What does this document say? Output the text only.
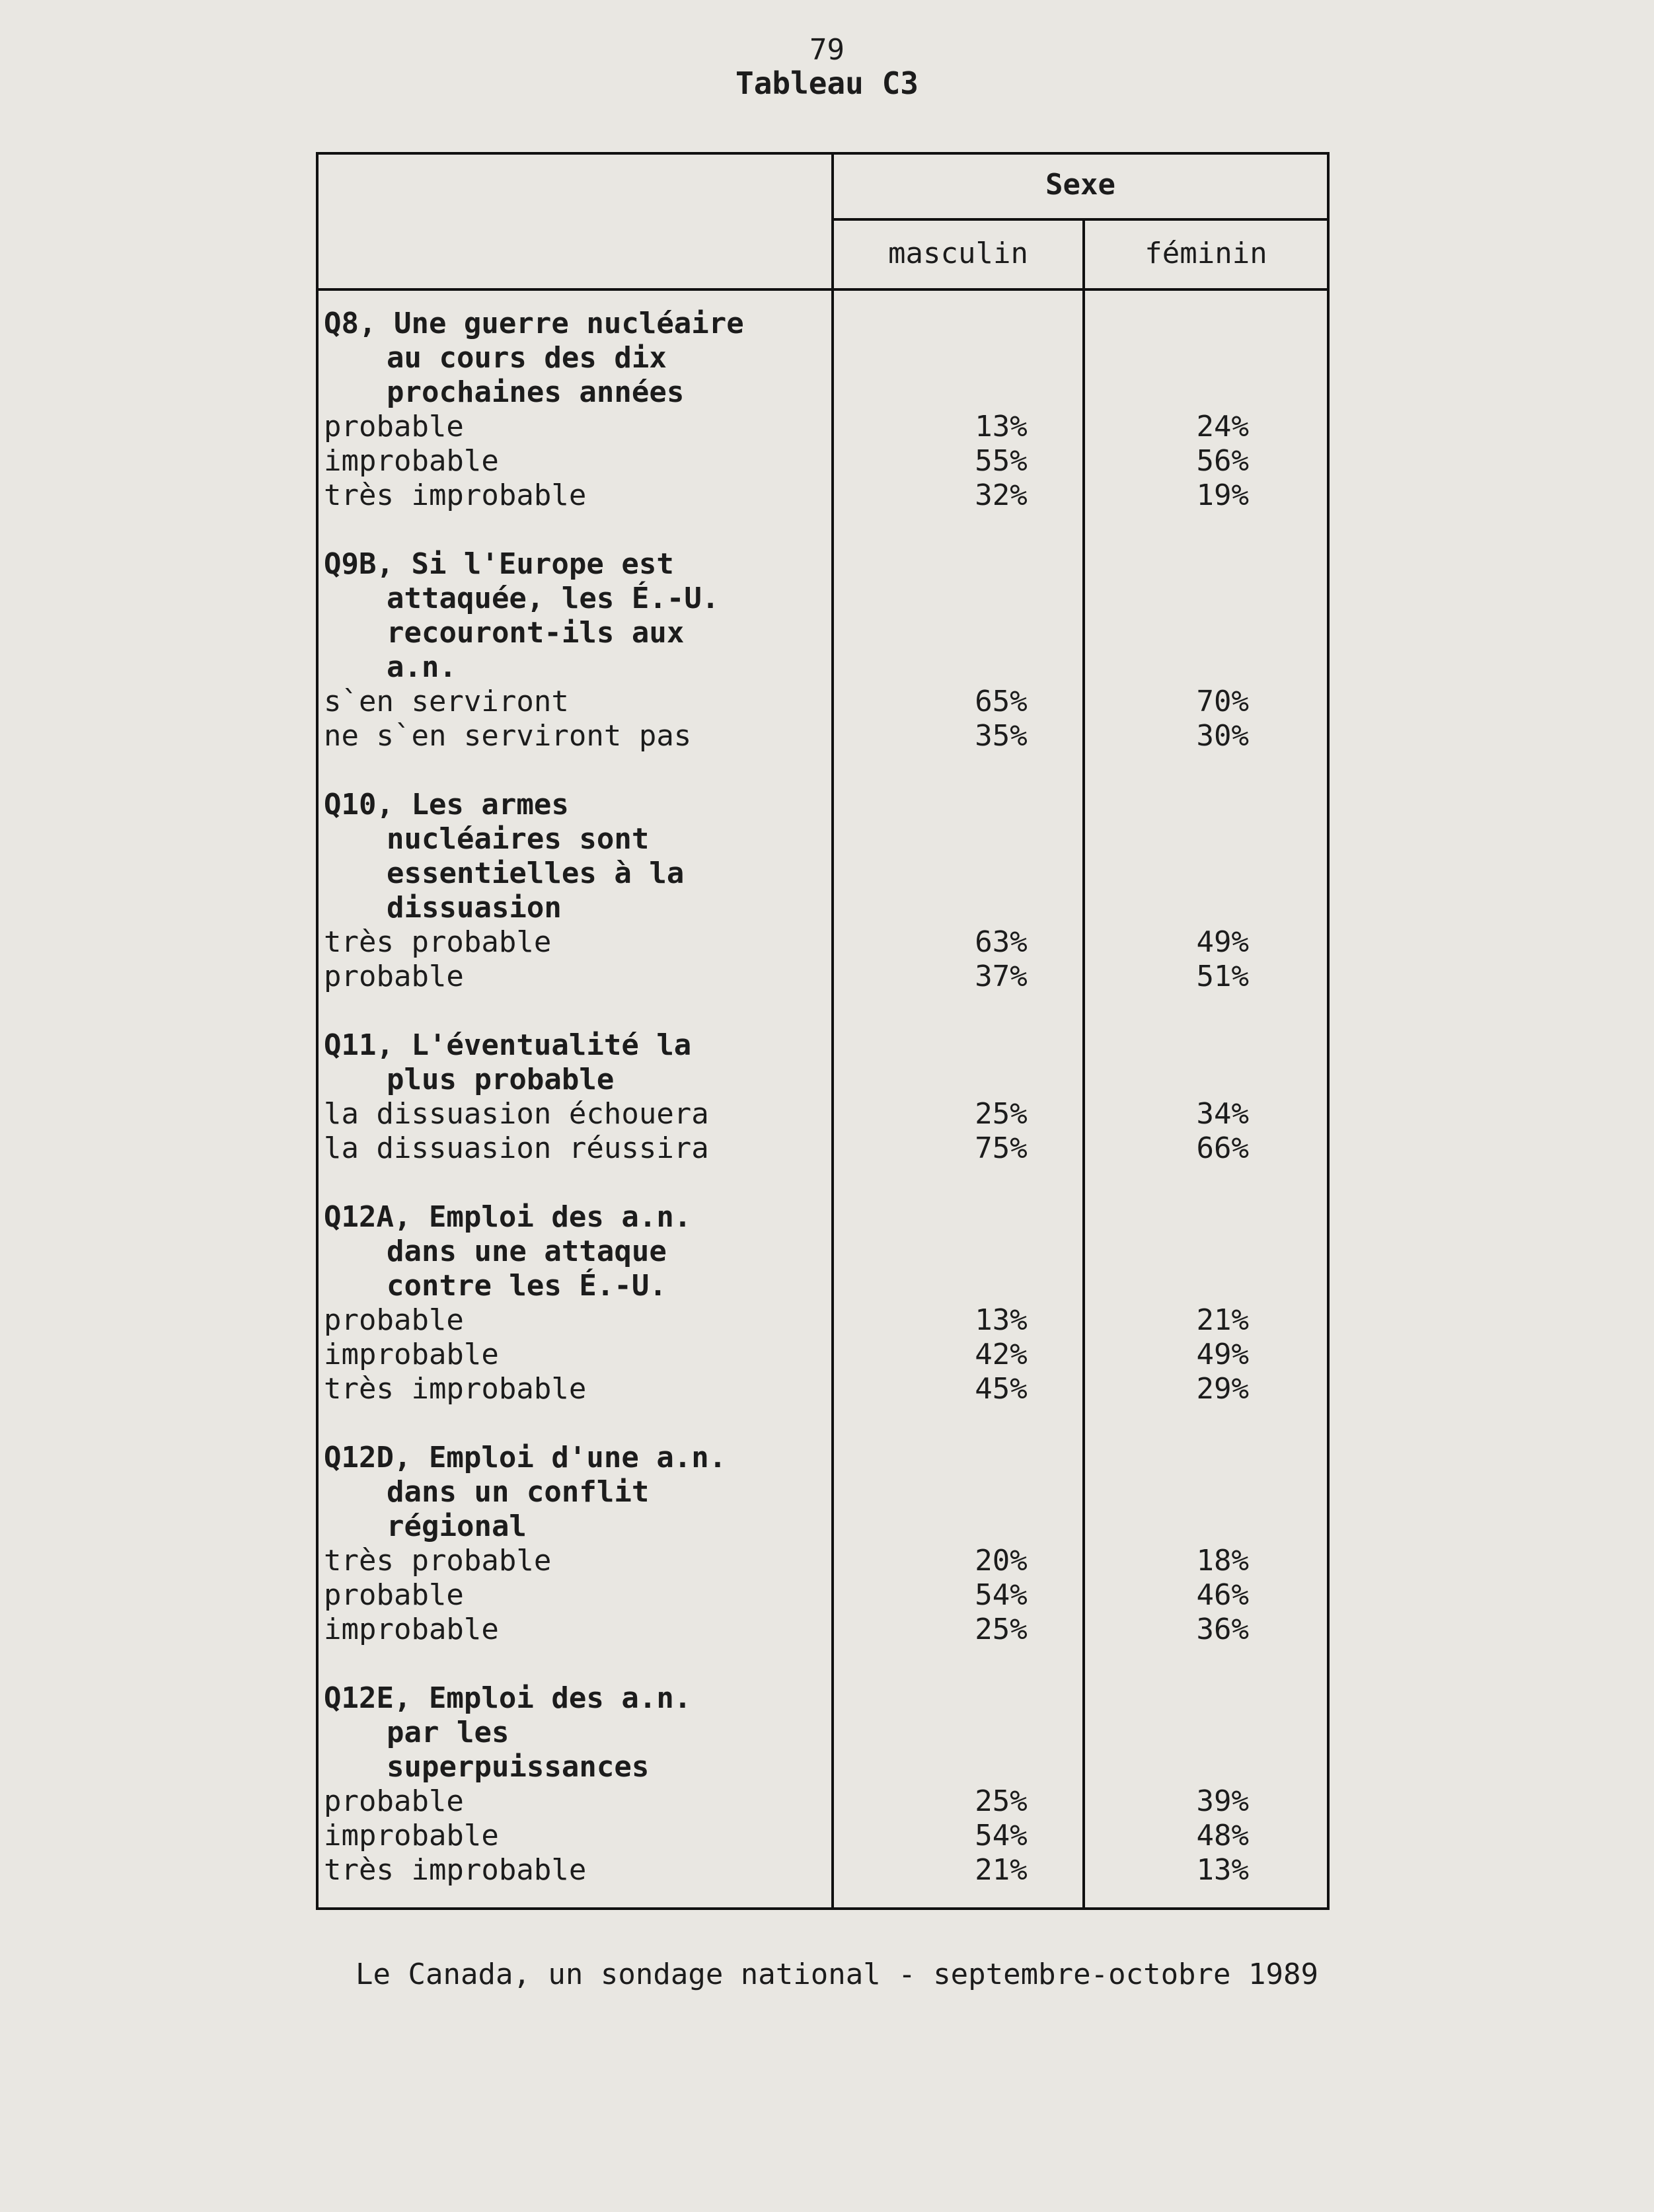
79
Tableau C3
Sexe
masculin	féminin
Q8, Une guerre nucléaire
au cours des dix
prochaines années
probable	13%	24%
improbable	55%	56%
très improbable	32%	19%
Q9B, Si l'Europe est
attaquée, les É.-U.
recouront-ils aux
a.n.
s`en serviront	65%	70%
ne s`en serviront pas	35%	30%
Q10, Les armes
nucléaires sont
essentielles à la
dissuasion
très probable	63%	49%
probable	37%	51%
Q11, L'éventualité la
plus probable
la dissuasion échouera	25%	34%
la dissuasion réussira	75%	66%
Q12A, Emploi des a.n.
dans une attaque
contre les É.-U.
probable	13%	21%
improbable	42%	49%
très improbable	45%	29%
Q12D, Emploi d'une a.n.
dans un conflit
régional
très probable	20%	18%
probable	54%	46%
improbable	25%	36%
Q12E, Emploi des a.n.
par les
superpuissances
probable	25%	39%
improbable	54%	48%
très improbable	21%	13%
Le Canada, un sondage national - septembre-octobre 1989
